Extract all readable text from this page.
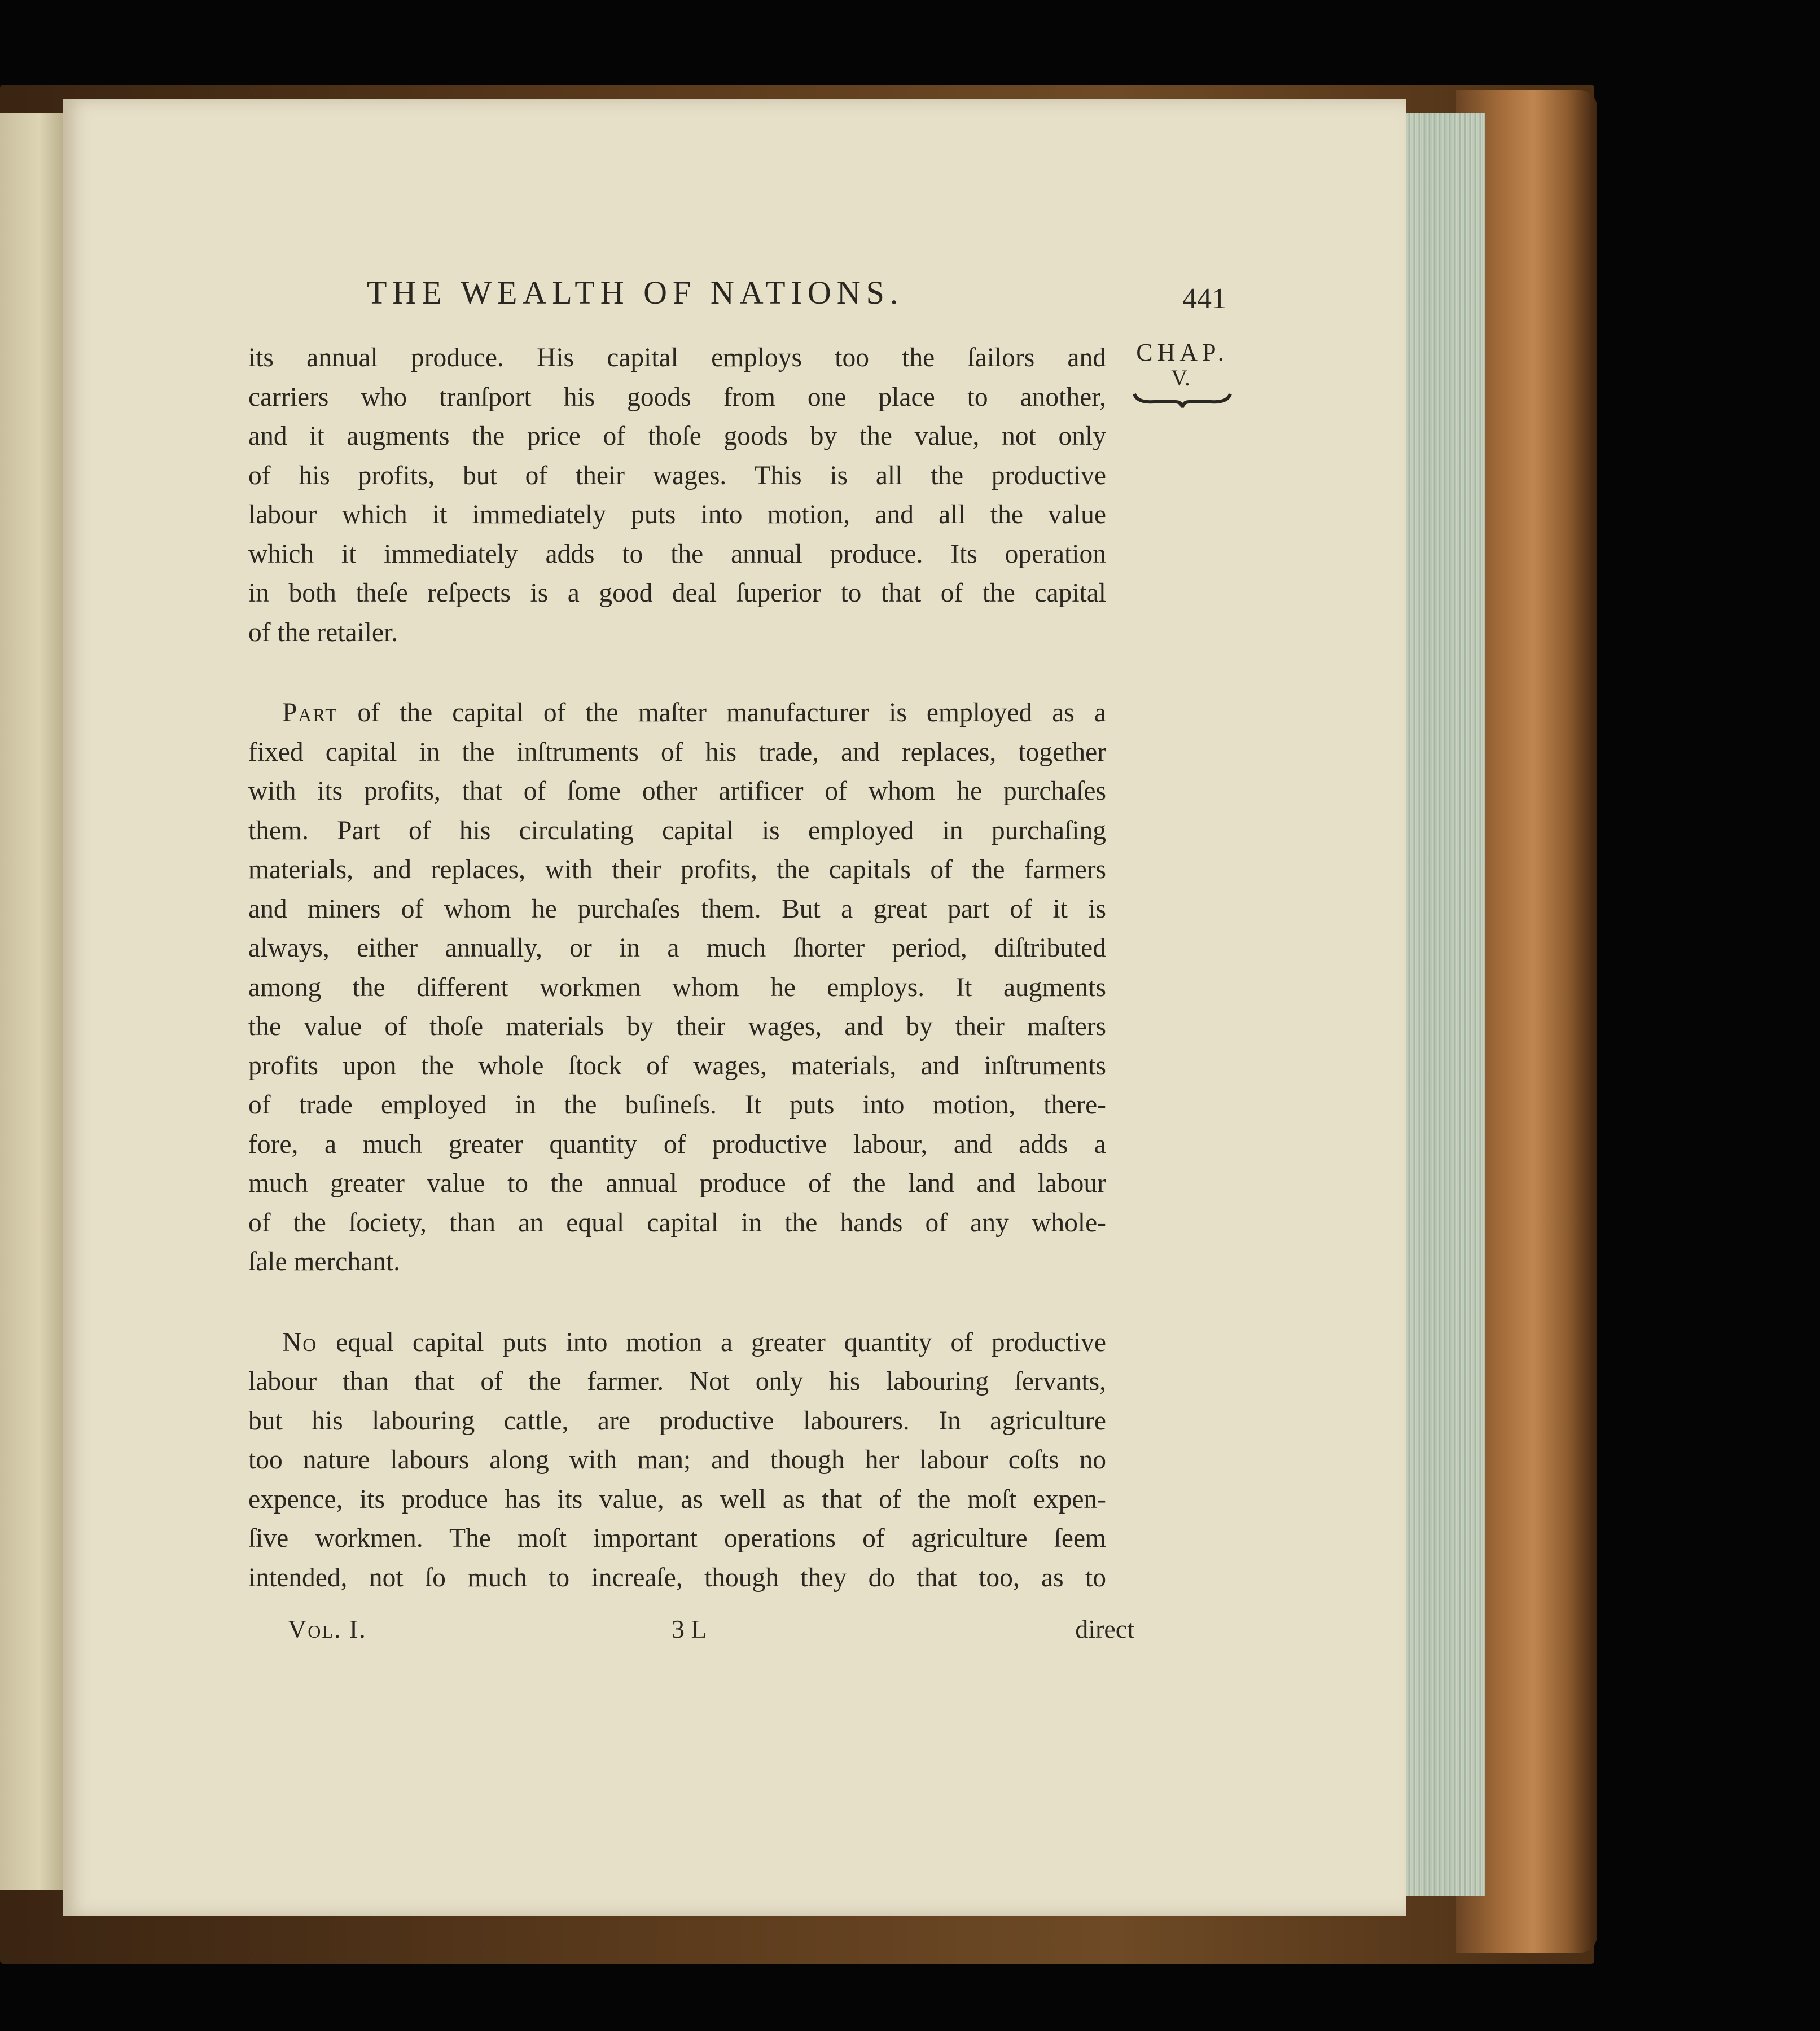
THE WEALTH OF NATIONS.	441
CHAP.
V.
its annual produce. His capital employs too the ſailors and
carriers who tranſport his goods from one place to another,
and it augments the price of thoſe goods by the value, not only
of his profits, but of their wages. This is all the productive
labour which it immediately puts into motion, and all the value
which it immediately adds to the annual produce. Its operation
in both theſe reſpects is a good deal ſuperior to that of the capital
of the retailer.
Part of the capital of the maſter manufacturer is employed as a
fixed capital in the inſtruments of his trade, and replaces, together
with its profits, that of ſome other artificer of whom he purchaſes
them. Part of his circulating capital is employed in purchaſing
materials, and replaces, with their profits, the capitals of the farmers
and miners of whom he purchaſes them. But a great part of it is
always, either annually, or in a much ſhorter period, diſtributed
among the different workmen whom he employs. It augments
the value of thoſe materials by their wages, and by their maſters
profits upon the whole ſtock of wages, materials, and inſtruments
of trade employed in the buſineſs. It puts into motion, there-
fore, a much greater quantity of productive labour, and adds a
much greater value to the annual produce of the land and labour
of the ſociety, than an equal capital in the hands of any whole-
ſale merchant.
No equal capital puts into motion a greater quantity of productive
labour than that of the farmer. Not only his labouring ſervants,
but his labouring cattle, are productive labourers. In agriculture
too nature labours along with man; and though her labour coſts no
expence, its produce has its value, as well as that of the moſt expen-
ſive workmen. The moſt important operations of agriculture ſeem
intended, not ſo much to increaſe, though they do that too, as to
Vol. I.	3 L	direct
